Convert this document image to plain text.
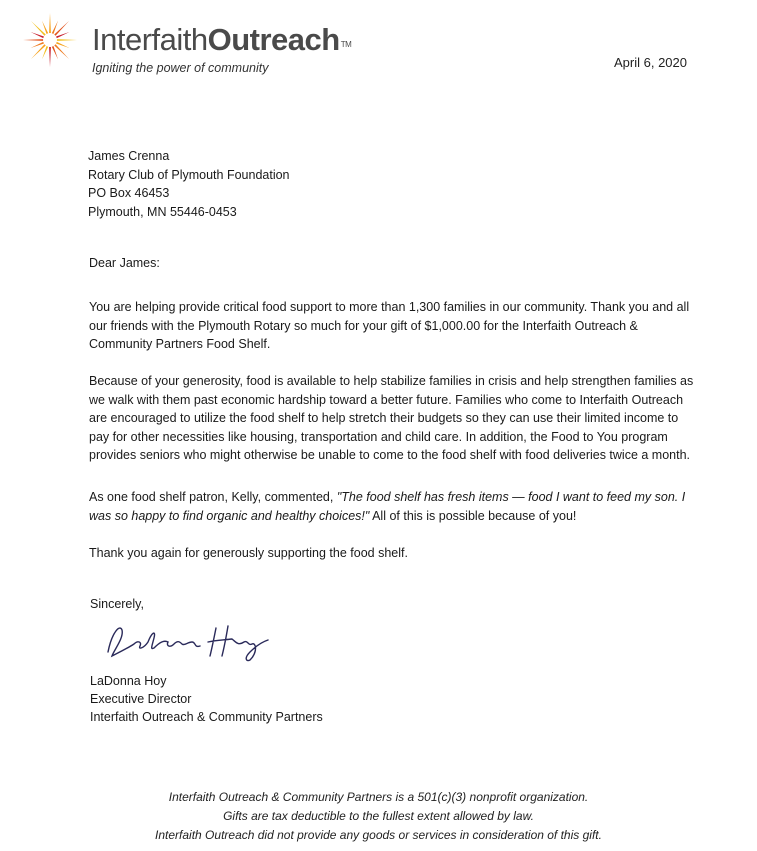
InterfaithOutreach™
Igniting the power of community	April 6, 2020
James Crenna
Rotary Club of Plymouth Foundation
PO Box 46453
Plymouth, MN 55446-0453
Dear James:
You are helping provide critical food support to more than 1,300 families in our community. Thank you and all our friends with the Plymouth Rotary so much for your gift of $1,000.00 for the Interfaith Outreach & Community Partners Food Shelf.
Because of your generosity, food is available to help stabilize families in crisis and help strengthen families as we walk with them past economic hardship toward a better future. Families who come to Interfaith Outreach are encouraged to utilize the food shelf to help stretch their budgets so they can use their limited income to pay for other necessities like housing, transportation and child care. In addition, the Food to You program provides seniors who might otherwise be unable to come to the food shelf with food deliveries twice a month.
As one food shelf patron, Kelly, commented, "The food shelf has fresh items — food I want to feed my son. I was so happy to find organic and healthy choices!" All of this is possible because of you!
Thank you again for generously supporting the food shelf.
Sincerely,
LaDonna Hoy
Executive Director
Interfaith Outreach & Community Partners
Interfaith Outreach & Community Partners is a 501(c)(3) nonprofit organization.
Gifts are tax deductible to the fullest extent allowed by law.
Interfaith Outreach did not provide any goods or services in consideration of this gift.
